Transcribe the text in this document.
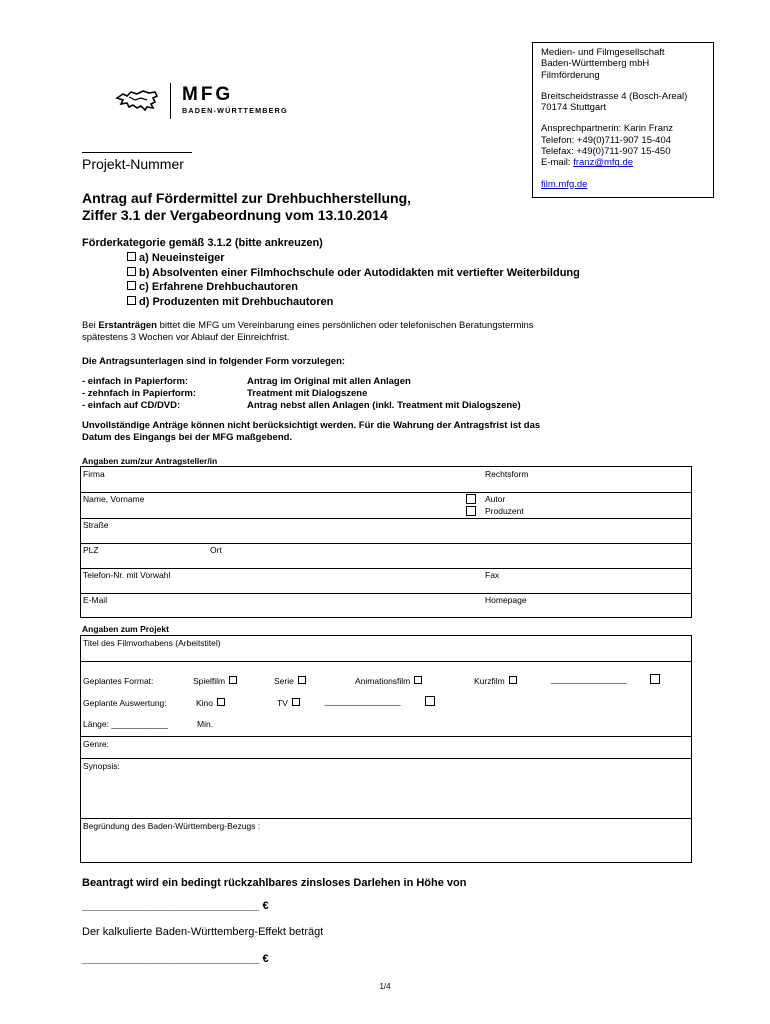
Medien- und Filmgesellschaft
Baden-Württemberg mbH
Filmförderung
Breitscheidstrasse 4 (Bosch-Areal)
70174 Stuttgart
Ansprechpartnerin: Karin Franz
Telefon: +49(0)711-907 15-404
Telefax: +49(0)711-907 15-450
E-mail: franz@mfg.de
film.mfg.de
MFG
BADEN-WÜRTTEMBERG
Projekt-Nummer
Antrag auf Fördermittel zur Drehbuchherstellung,
Ziffer 3.1 der Vergabeordnung vom 13.10.2014
Förderkategorie gemäß 3.1.2 (bitte ankreuzen)
a) Neueinsteiger
b) Absolventen einer Filmhochschule oder Autodidakten mit vertiefter Weiterbildung
c) Erfahrene Drehbuchautoren
d) Produzenten mit Drehbuchautoren
Bei Erstanträgen bittet die MFG um Vereinbarung eines persönlichen oder telefonischen Beratungstermins
spätestens 3 Wochen vor Ablauf der Einreichfrist.
Die Antragsunterlagen sind in folgender Form vorzulegen:
- einfach in Papierform:	Antrag im Original mit allen Anlagen
- zehnfach in Papierform:	Treatment mit Dialogszene
- einfach auf CD/DVD:	Antrag nebst allen Anlagen (inkl. Treatment mit Dialogszene)
Unvollständige Anträge können nicht berücksichtigt werden. Für die Wahrung der Antragsfrist ist das
Datum des Eingangs bei der MFG maßgebend.
Angaben zum/zur Antragsteller/in
Firma	Rechtsform
Name, Vorname	Autor
Produzent
Straße
PLZ	Ort
Telefon-Nr. mit Vorwahl	Fax
E-Mail	Homepage
Angaben zum Projekt
Titel des Filmvorhabens (Arbeitstitel)
Geplantes Format:	Spielfilm	Serie	Animationsfilm	Kurzfilm	________________
Geplante Auswertung:	Kino	TV	________________
Länge: ____________	Min.
Genre:
Synopsis:
Begründung des Baden-Württemberg-Bezugs :
Beantragt wird ein bedingt rückzahlbares zinsloses Darlehen in Höhe von
_____________________________ €
Der kalkulierte Baden-Württemberg-Effekt beträgt
_____________________________ €
1/4
